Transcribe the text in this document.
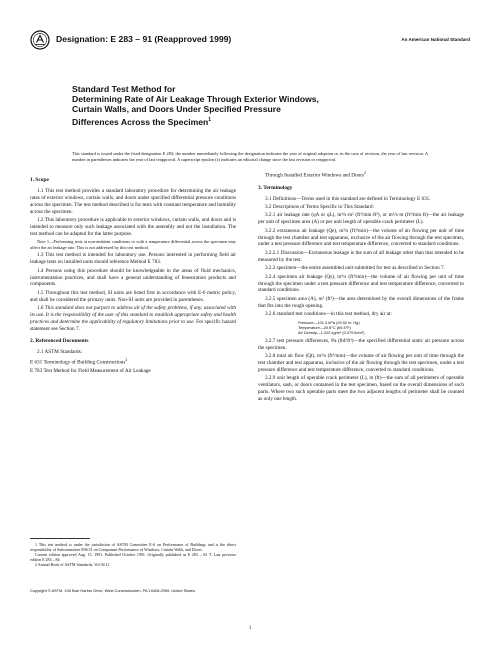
Designation: E 283 – 91 (Reapproved 1999)	An American National Standard
Standard Test Method for
Determining Rate of Air Leakage Through Exterior Windows,
Curtain Walls, and Doors Under Specified Pressure
Differences Across the Specimen$^1$
This standard is issued under the fixed designation E 283; the number immediately following the designation indicates the year of original adoption or, in the case of revision, the year of last revision. A number in parentheses indicates the year of last reapproval. A superscript epsilon (ε) indicates an editorial change since the last revision or reapproval.
1. Scope

1.1 This test method provides a standard laboratory procedure for determining the air leakage rates of exterior windows, curtain walls, and doors under specified differential pressure conditions across the specimen. The test method described is for tests with constant temperature and humidity across the specimen.

1.2 This laboratory procedure is applicable to exterior windows, curtain walls, and doors and is intended to measure only such leakage associated with the assembly and not the installation. The test method can be adapted for the latter purpose.

Note 1—Performing tests at non-ambient conditions or with a temperature differential across the specimen may affect the air leakage rate. This is not addressed by this test method.

1.3 This test method is intended for laboratory use. Persons interested in performing field air leakage tests on installed units should reference Method E 783.

1.4 Persons using this procedure should be knowledgeable in the areas of fluid mechanics, instrumentation practices, and shall have a general understanding of fenestration products and components.

1.5 Throughout this test method, SI units are listed first in accordance with E-6 metric policy, and shall be considered the primary units. Non-SI units are provided in parentheses.

1.6 This standard does not purport to address all of the safety problems, if any, associated with its use. It is the responsibility of the user of this standard to establish appropriate safety and health practices and determine the applicability of regulatory limitations prior to use. For specific hazard statement see Section 7.

2. Referenced Documents

2.1 ASTM Standards:

E 631 Terminology of Building Constructions$^2$

E 783 Test Method for Field Measurement of Air Leakage

1 This test method is under the jurisdiction of ASTM Committee E-6 on Performance of Buildings and is the direct responsibility of Subcommittee E06.51 on Component Performance of Windows, Curtain Walls, and Doors.

Current edition approved Aug. 15, 1991. Published October 1991. Originally published as E 283 – 65 T. Last previous edition E 283 – 84.

2 Annual Book of ASTM Standards, Vol 04.11.

Through Installed Exterior Windows and Doors$^2$

3. Terminology

3.1 Definitions—Terms used in this standard are defined in Terminology E 631.

3.2 Descriptions of Terms Specific to This Standard:

3.2.1 air leakage rate (qA or qL), m³/s·m² (ft³/min·ft²), or m³/s·m (ft³/min·ft)—the air leakage per unit of specimen area (A) or per unit length of operable crack perimeter (L).

3.2.2 extraneous air leakage (Qe), m³/s (ft³/min)—the volume of air flowing per unit of time through the test chamber and test apparatus, exclusive of the air flowing through the test specimen, under a test pressure difference and test temperature difference, converted to standard conditions.

3.2.2.1 Discussion—Extraneous leakage is the sum of all leakage other than that intended to be measured by the test.

3.2.3 specimen—the entire assembled unit submitted for test as described in Section 7.

3.2.4 specimen air leakage (Qs), m³/s (ft³/min)—the volume of air flowing per unit of time through the specimen under a test pressure difference and test temperature difference, converted to standard conditions.

3.2.5 specimen area (A), m² (ft²)—the area determined by the overall dimensions of the frame that fits into the rough opening.

3.2.6 standard test conditions—in this test method, dry air at:

Pressure—101.3 kPa (29.92 in. Hg)
Temperature—20.8°C (69.4°F)
Air Density—1.202 kg/m³ (0.075 lb/m³)

3.2.7 test pressure differences, Pa (lbf/ft²)—the specified differential static air pressure across the specimen.

3.2.8 total air flow (Qt), m³/s (ft³/min)—the volume of air flowing per unit of time through the test chamber and test apparatus, inclusive of the air flowing through the test specimen, under a test pressure difference and test temperature difference, converted to standard conditions.

3.2.9 unit length of operable crack perimeter (L), m (ft)—the sum of all perimeters of operable ventilators, sash, or doors contained in the test specimen, based on the overall dimensions of such parts. Where two such operable parts meet the two adjacent lengths of perimeter shall be counted as only one length.

Copyright © ASTM, 100 Barr Harbor Drive, West Conshohocken, PA 19428-2959, United States.
1
